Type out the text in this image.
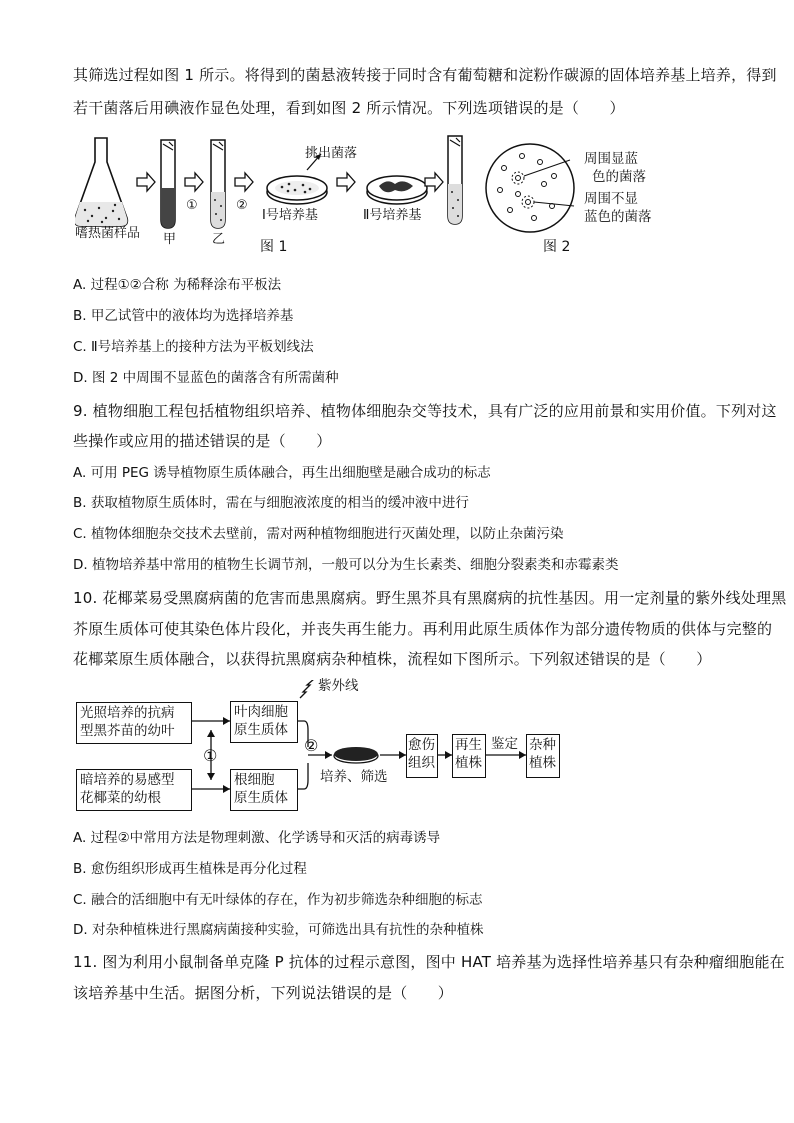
其筛选过程如图 1 所示。将得到的菌悬液转接于同时含有葡萄糖和淀粉作碳源的固体培养基上培养，得到
若干菌落后用碘液作显色处理，看到如图 2 所示情况。下列选项错误的是（　　）
嗜热菌样品 甲	乙
①	②
挑出菌落
Ⅰ号培养基	Ⅱ号培养基
图 1
周围显蓝
色的菌落
周围不显
蓝色的菌落
图 2
A. 过程①②合称 为稀释涂布平板法
B. 甲乙试管中的液体均为选择培养基
C. Ⅱ号培养基上的接种方法为平板划线法
D. 图 2 中周围不显蓝色的菌落含有所需菌种
9. 植物细胞工程包括植物组织培养、植物体细胞杂交等技术，具有广泛的应用前景和实用价值。下列对这
些操作或应用的描述错误的是（　　）
A. 可用 PEG 诱导植物原生质体融合，再生出细胞壁是融合成功的标志
B. 获取植物原生质体时，需在与细胞液浓度的相当的缓冲液中进行
C. 植物体细胞杂交技术去壁前，需对两种植物细胞进行灭菌处理，以防止杂菌污染
D. 植物培养基中常用的植物生长调节剂，一般可以分为生长素类、细胞分裂素类和赤霉素类
10. 花椰菜易受黑腐病菌的危害而患黑腐病。野生黑芥具有黑腐病的抗性基因。用一定剂量的紫外线处理黑
芥原生质体可使其染色体片段化，并丧失再生能力。再利用此原生质体作为部分遗传物质的供体与完整的
花椰菜原生质体融合，以获得抗黑腐病杂种植株，流程如下图所示。下列叙述错误的是（　　）
光照培养的抗病
型黑芥苗的幼叶
暗培养的易感型
花椰菜的幼根
叶肉细胞
原生质体
根细胞
原生质体
紫外线
①
②
培养、筛选
愈伤
组织
再生
植株
鉴定 杂种
植株
A. 过程②中常用方法是物理刺激、化学诱导和灭活的病毒诱导
B. 愈伤组织形成再生植株是再分化过程
C. 融合的活细胞中有无叶绿体的存在，作为初步筛选杂种细胞的标志
D. 对杂种植株进行黑腐病菌接种实验，可筛选出具有抗性的杂种植株
11. 图为利用小鼠制备单克隆 P 抗体的过程示意图，图中 HAT 培养基为选择性培养基只有杂种瘤细胞能在
该培养基中生活。据图分析，下列说法错误的是（　　）
